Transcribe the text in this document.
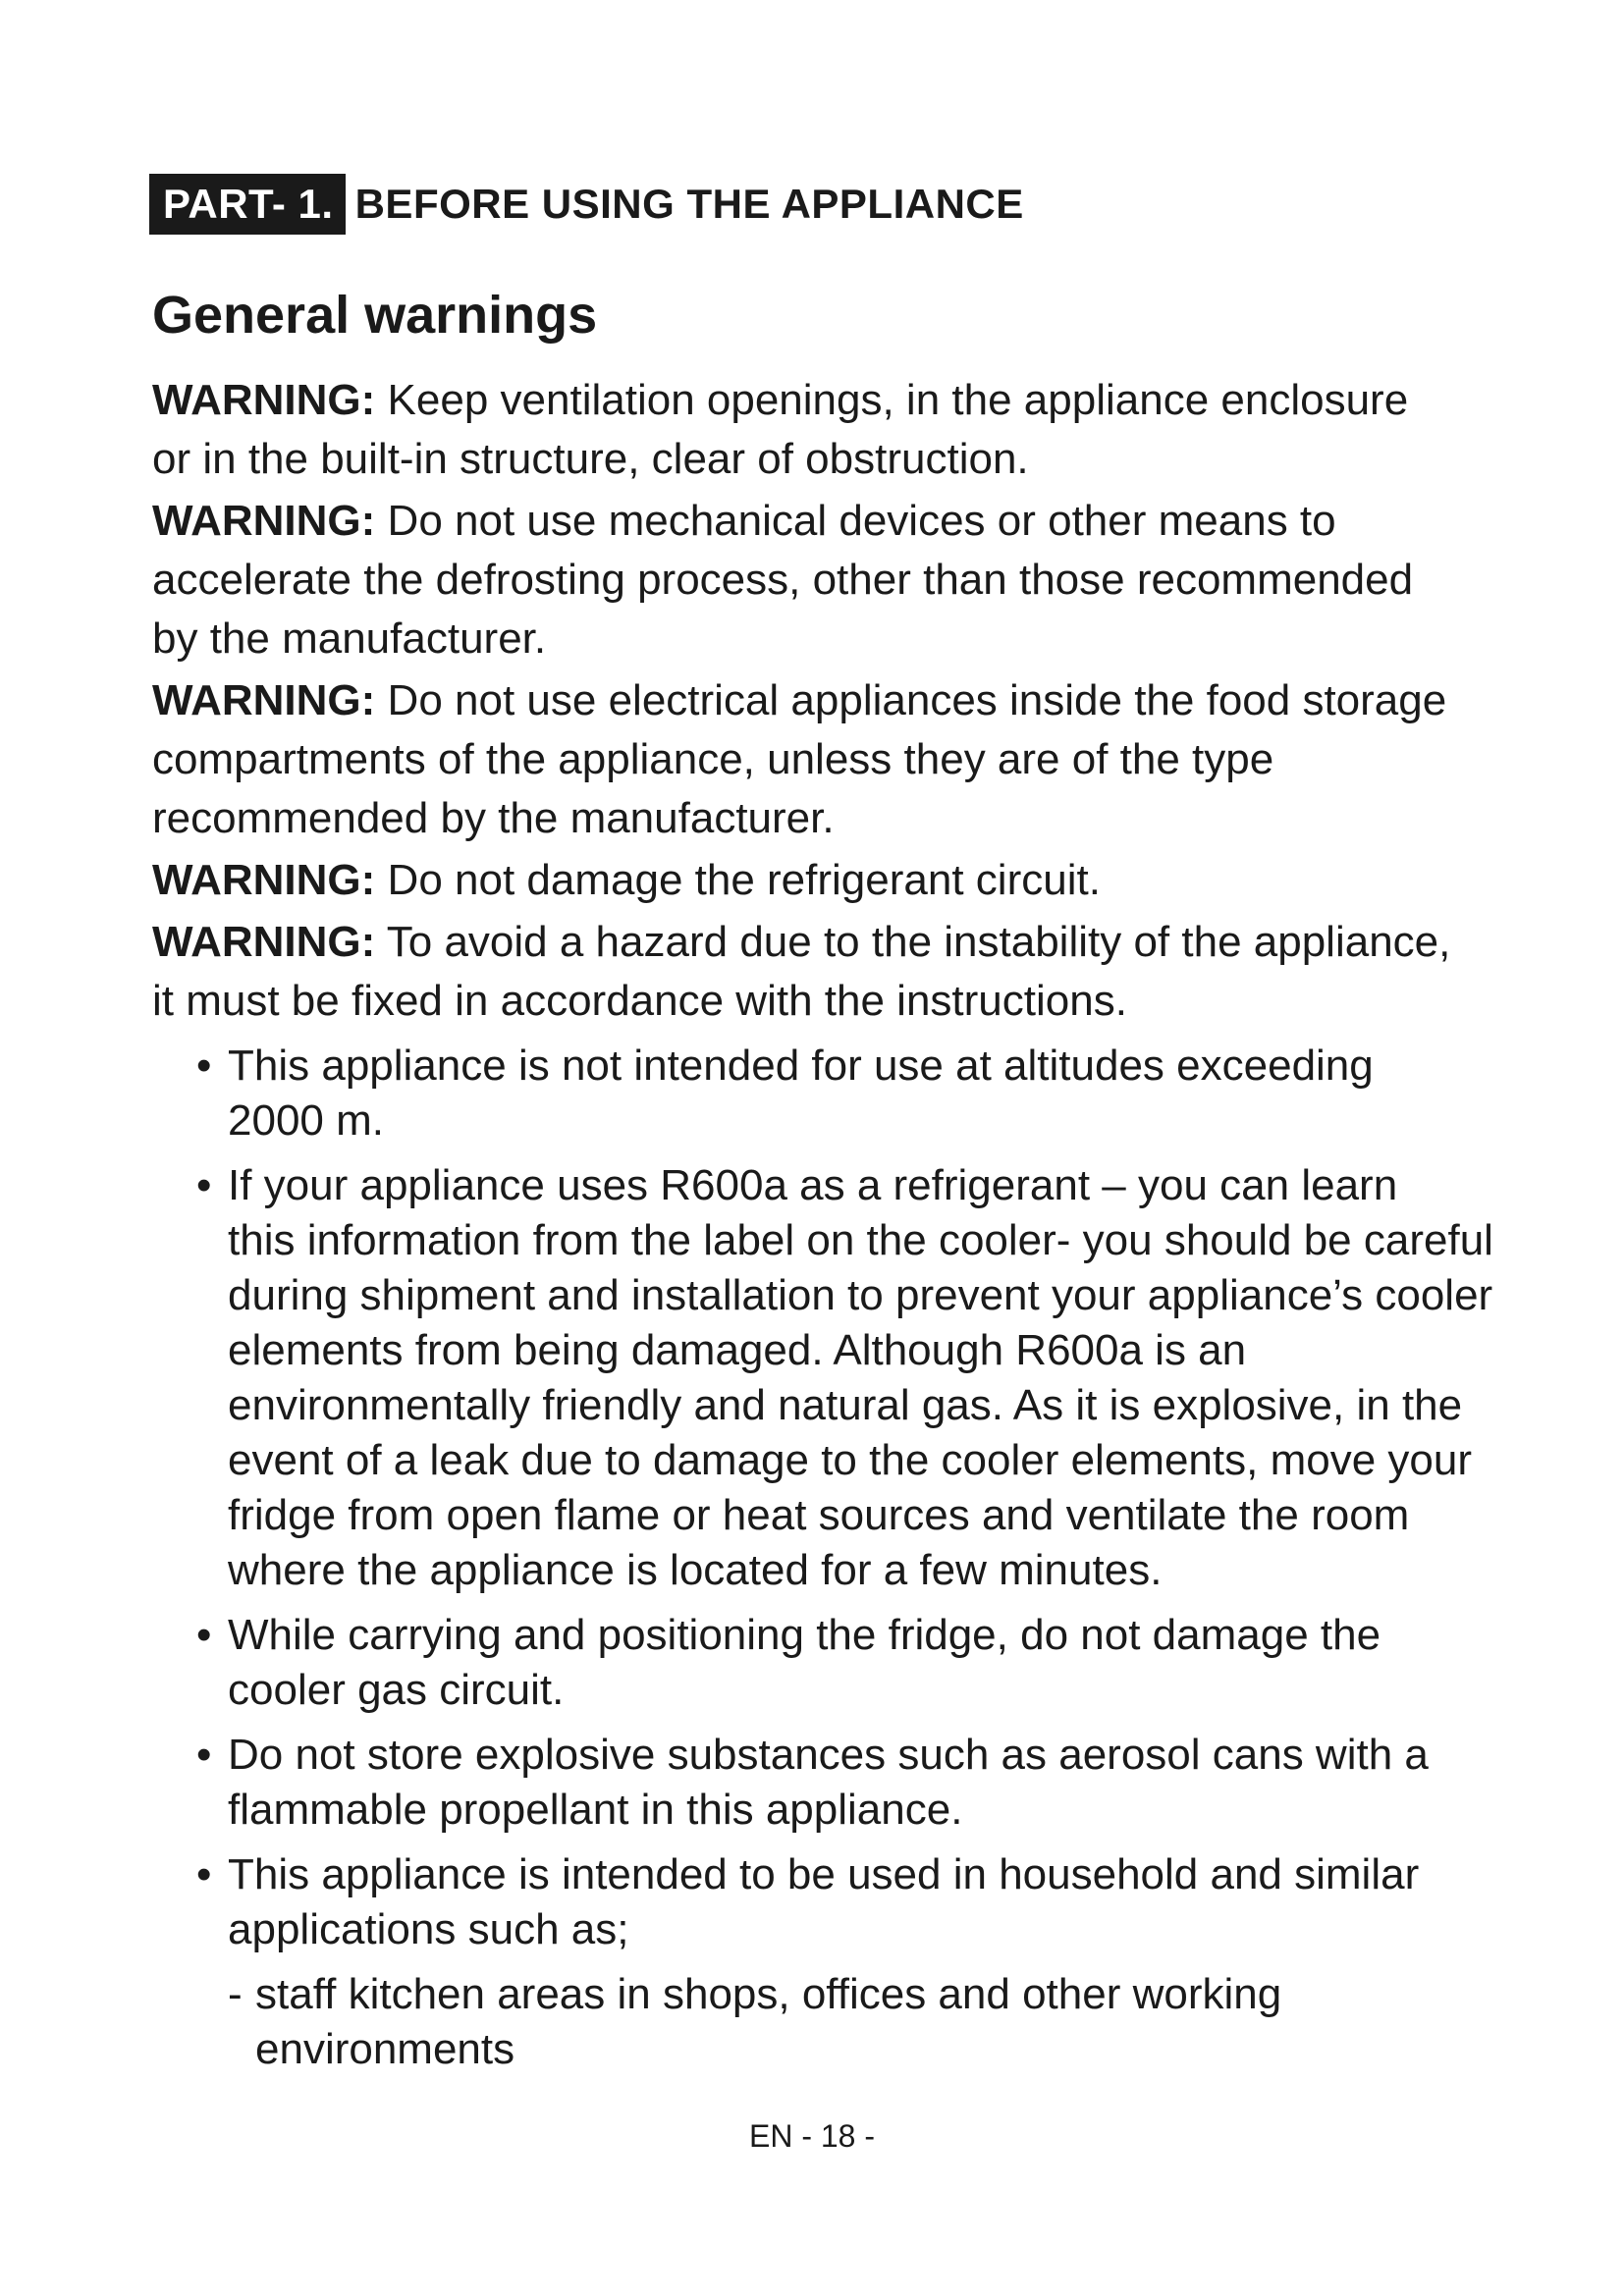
PART- 1. BEFORE USING THE APPLIANCE
General warnings
WARNING: Keep ventilation openings, in the appliance enclosure
or in the built-in structure, clear of obstruction.
WARNING: Do not use mechanical devices or other means to
accelerate the defrosting process, other than those recommended
by the manufacturer.
WARNING: Do not use electrical appliances inside the food storage
compartments of the appliance, unless they are of the type
recommended by the manufacturer.
WARNING: Do not damage the refrigerant circuit.
WARNING: To avoid a hazard due to the instability of the appliance,
it must be fixed in accordance with the instructions.
• This appliance is not intended for use at altitudes exceeding
2000 m.
• If your appliance uses R600a as a refrigerant – you can learn
this information from the label on the cooler- you should be careful
during shipment and installation to prevent your appliance’s cooler
elements from being damaged. Although R600a is an
environmentally friendly and natural gas. As it is explosive, in the
event of a leak due to damage to the cooler elements, move your
fridge from open flame or heat sources and ventilate the room
where the appliance is located for a few minutes.
• While carrying and positioning the fridge, do not damage the
cooler gas circuit.
• Do not store explosive substances such as aerosol cans with a
flammable propellant in this appliance.
• This appliance is intended to be used in household and similar
applications such as;
- staff kitchen areas in shops, offices and other working
environments
EN - 18 -
